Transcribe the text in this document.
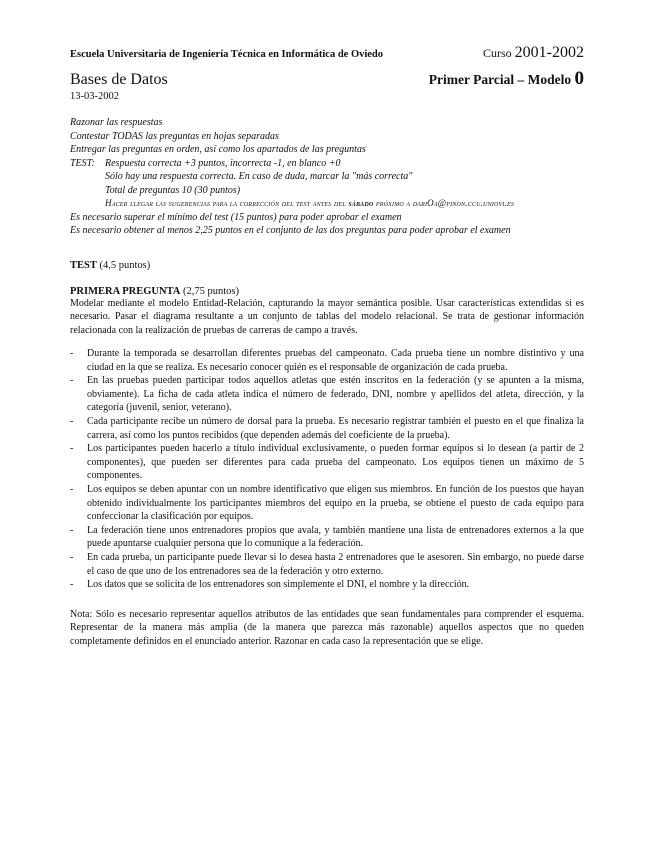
Escuela Universitaria de Ingeniería Técnica en Informática de Oviedo	Curso 2001-2002
Bases de Datos	Primer Parcial – Modelo 0
13-03-2002
Razonar las respuestas
Contestar TODAS las preguntas en hojas separadas
Entregar las preguntas en orden, así como los apartados de las preguntas
TEST: Respuesta correcta +3 puntos, incorrecta -1, en blanco +0
Sólo hay una respuesta correcta. En caso de duda, marcar la "más correcta"
Total de preguntas 10 (30 puntos)
Hacer llegar las sugerencias para la corrección del test antes del sábado próximo a dariOa@pinon.ccu.uniovi.es
Es necesario superar el mínimo del test (15 puntos) para poder aprobar el examen
Es necesario obtener al menos 2,25 puntos en el conjunto de las dos preguntas para poder aprobar el examen
TEST (4,5 puntos)
PRIMERA PREGUNTA (2,75 puntos)
Modelar mediante el modelo Entidad-Relación, capturando la mayor semántica posible. Usar características extendidas si es necesario. Pasar el diagrama resultante a un conjunto de tablas del modelo relacional. Se trata de gestionar información relacionada con la realización de pruebas de carreras de campo a través.
- Durante la temporada se desarrollan diferentes pruebas del campeonato. Cada prueba tiene un nombre distintivo y una ciudad en la que se realiza. Es necesario conocer quién es el responsable de organización de cada prueba.
- En las pruebas pueden participar todos aquellos atletas que estén inscritos en la federación (y se apunten a la misma, obviamente). La ficha de cada atleta indica el número de federado, DNI, nombre y apellidos del atleta, dirección, y la categoría (juvenil, senior, veterano).
- Cada participante recibe un número de dorsal para la prueba. Es necesario registrar también el puesto en el que finaliza la carrera, así como los puntos recibidos (que dependen además del coeficiente de la prueba).
- Los participantes pueden hacerlo a título individual exclusivamente, o pueden formar equipos si lo desean (a partir de 2 componentes), que pueden ser diferentes para cada prueba del campeonato. Los equipos tienen un máximo de 5 componentes.
- Los equipos se deben apuntar con un nombre identificativo que eligen sus miembros. En función de los puestos que hayan obtenido individualmente los participantes miembros del equipo en la prueba, se obtiene el puesto de cada equipo para confeccionar la clasificación por equipos.
- La federación tiene unos entrenadores propios que avala, y también mantiene una lista de entrenadores externos a la que puede apuntarse cualquier persona que lo comunique a la federación.
- En cada prueba, un participante puede llevar si lo desea hasta 2 entrenadores que le asesoren. Sin embargo, no puede darse el caso de que uno de los entrenadores sea de la federación y otro externo.
- Los datos que se solicita de los entrenadores son simplemente el DNI, el nombre y la dirección.
Nota: Sólo es necesario representar aquellos atributos de las entidades que sean fundamentales para comprender el esquema. Representar de la manera más amplia (de la manera que parezca más razonable) aquellos aspectos que no queden completamente definidos en el enunciado anterior. Razonar en cada caso la representación que se elige.
